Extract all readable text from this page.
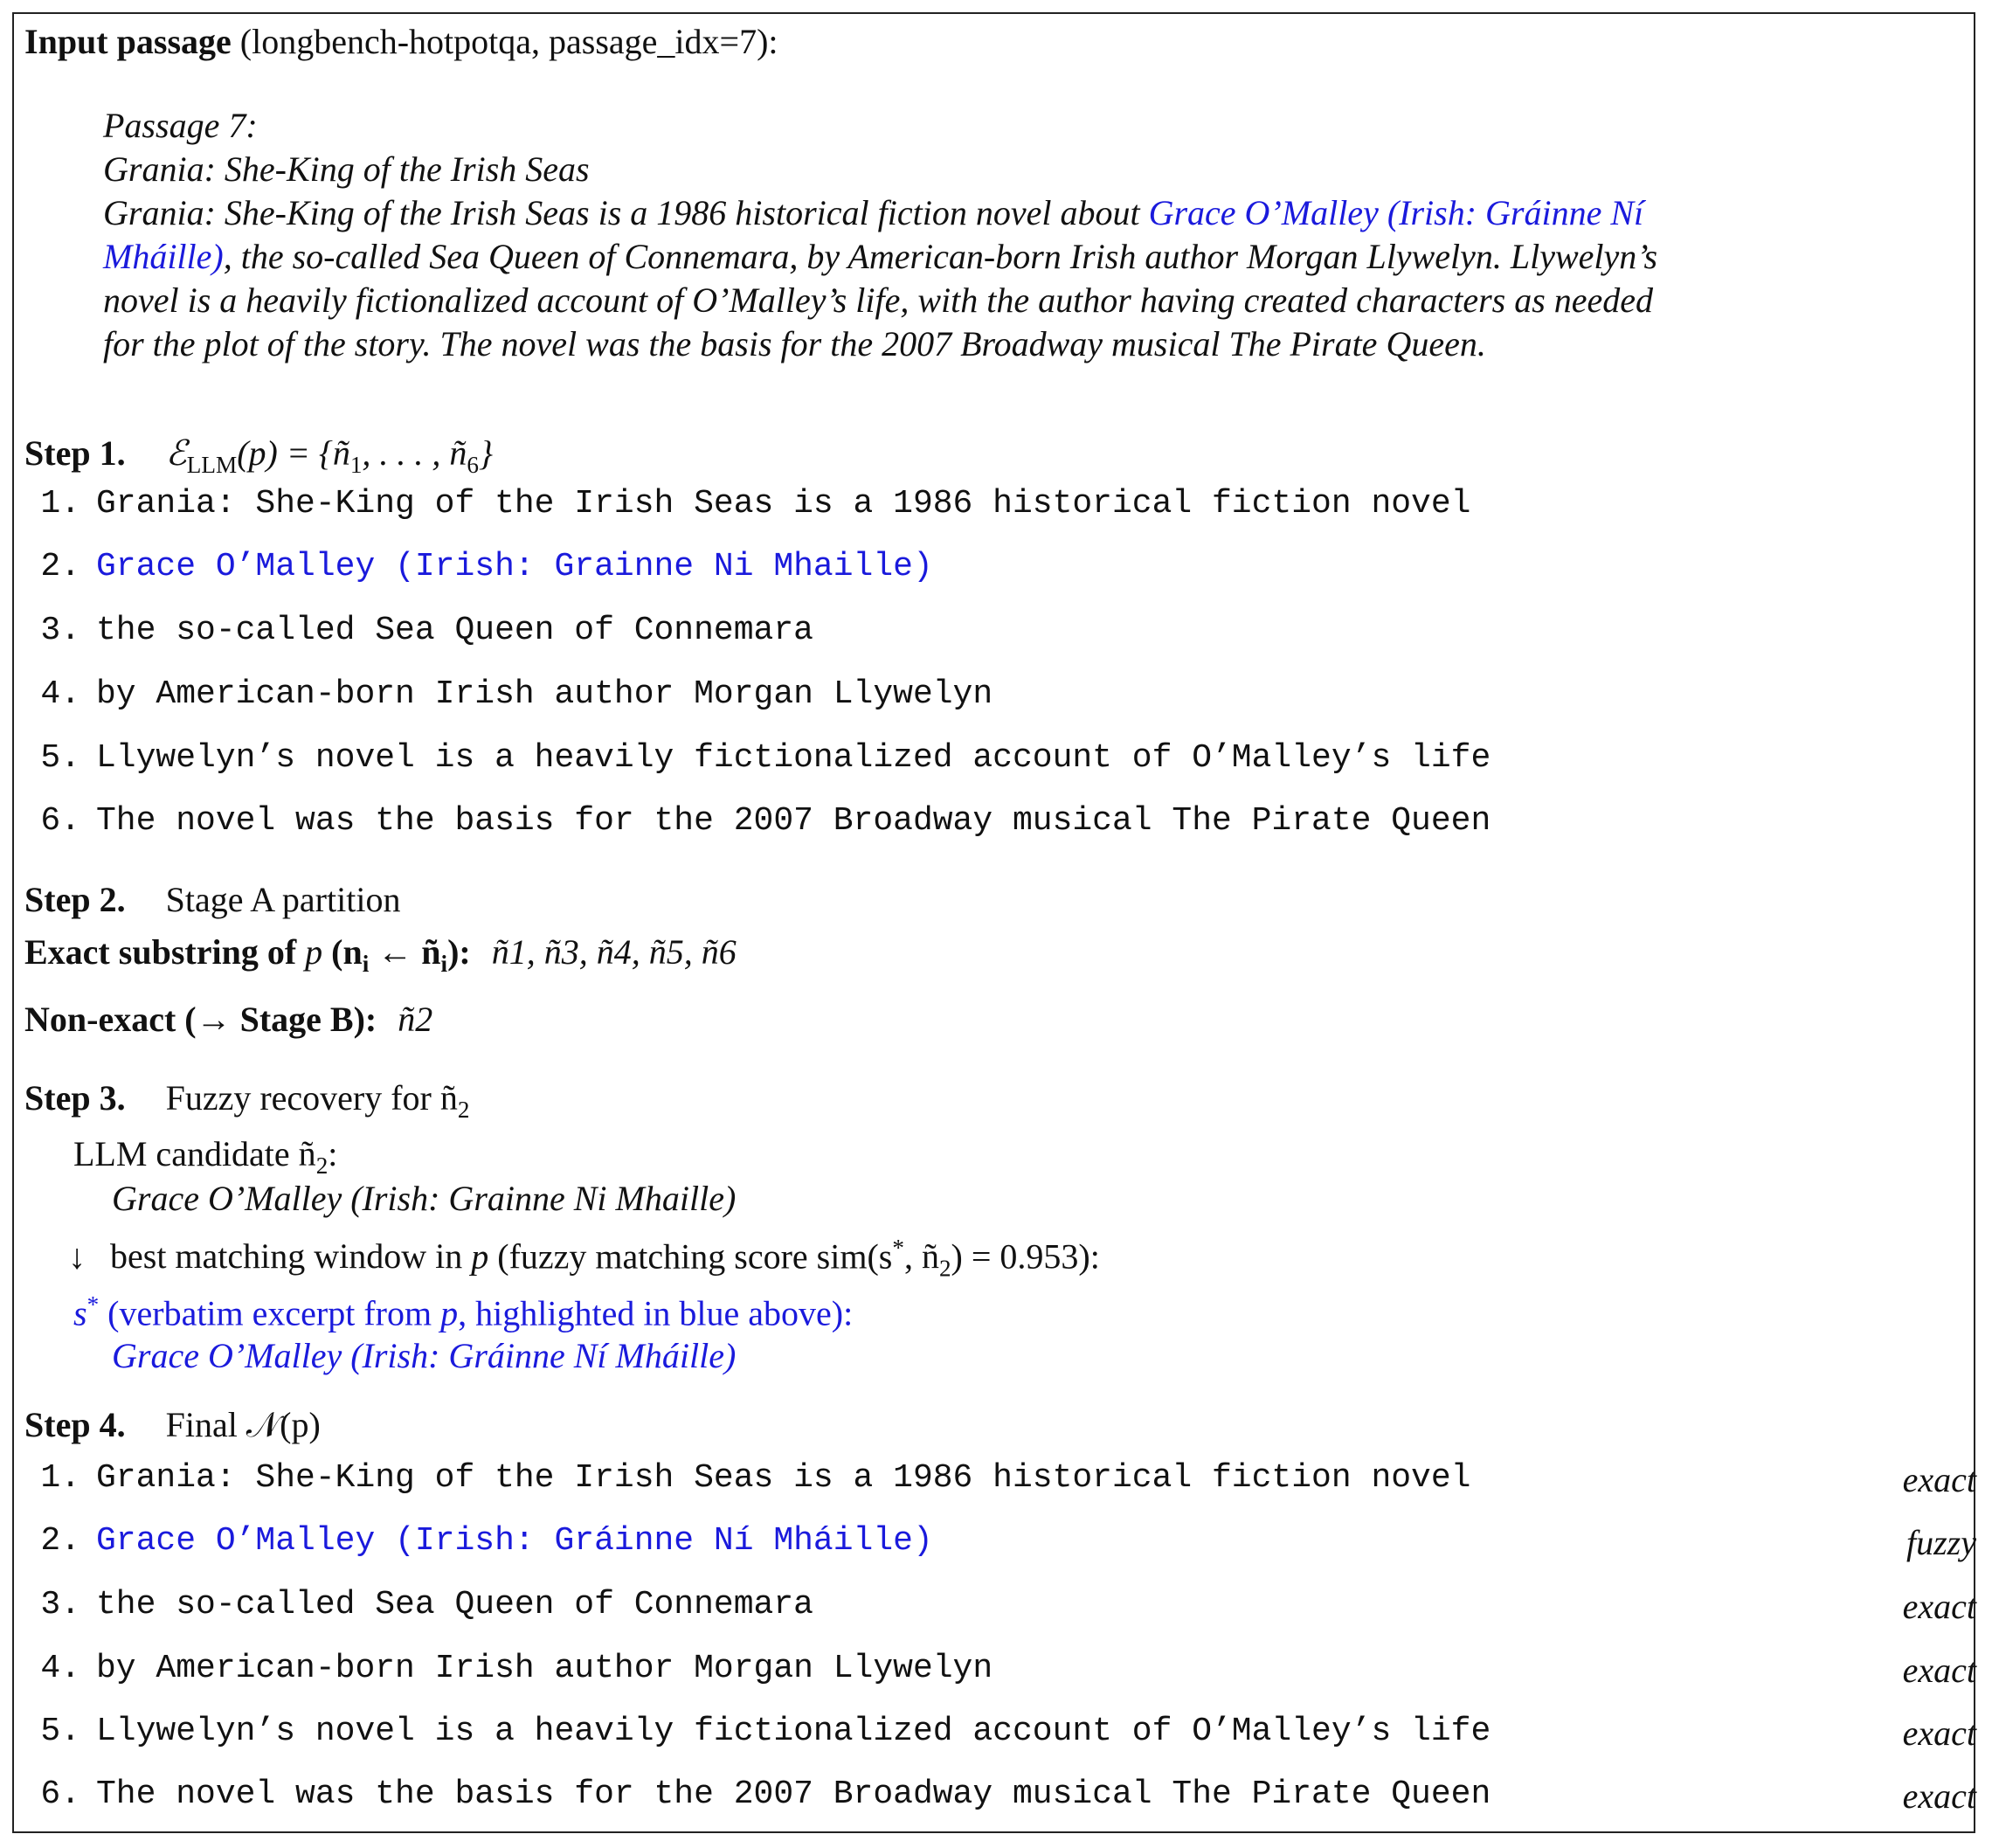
Input passage (longbench-hotpotqa, passage_idx=7):
Passage 7:
Grania: She-King of the Irish Seas
Grania: She-King of the Irish Seas is a 1986 historical fiction novel about Grace O’Malley (Irish: Gráinne Ní
Mháille), the so-called Sea Queen of Connemara, by American-born Irish author Morgan Llywelyn. Llywelyn’s
novel is a heavily fictionalized account of O’Malley’s life, with the author having created characters as needed
for the plot of the story. The novel was the basis for the 2007 Broadway musical The Pirate Queen.
Step 1. ℰ$_{LLM}$(p) = {$ñ_1$, . . . , $ñ_6$}
1. Grania: She-King of the Irish Seas is a 1986 historical fiction novel
2. Grace O’Malley (Irish: Grainne Ni Mhaille)
3. the so-called Sea Queen of Connemara
4. by American-born Irish author Morgan Llywelyn
5. Llywelyn’s novel is a heavily fictionalized account of O’Malley’s life
6. The novel was the basis for the 2007 Broadway musical The Pirate Queen
Step 2. Stage A partition
Exact substring of p ($n_i$ ← $ñ_i$): ñ1, ñ3, ñ4, ñ5, ñ6
Non-exact (→ Stage B): ñ2
Step 3. Fuzzy recovery for $ñ_2$
LLM candidate $ñ_2$:
Grace O’Malley (Irish: Grainne Ni Mhaille)
↓ best matching window in p (fuzzy matching score sim(s*, $ñ_2) = 0.953$):
s* (verbatim excerpt from p, highlighted in blue above):
Grace O’Malley (Irish: Gráinne Ní Mháille)
Step 4. Final 𝒩(p)
1. Grania: She-King of the Irish Seas is a 1986 historical fiction novel	exact
2. Grace O’Malley (Irish: Gráinne Ní Mháille)	fuzzy
3. the so-called Sea Queen of Connemara	exact
4. by American-born Irish author Morgan Llywelyn	exact
5. Llywelyn’s novel is a heavily fictionalized account of O’Malley’s life	exact
6. The novel was the basis for the 2007 Broadway musical The Pirate Queen	exact
